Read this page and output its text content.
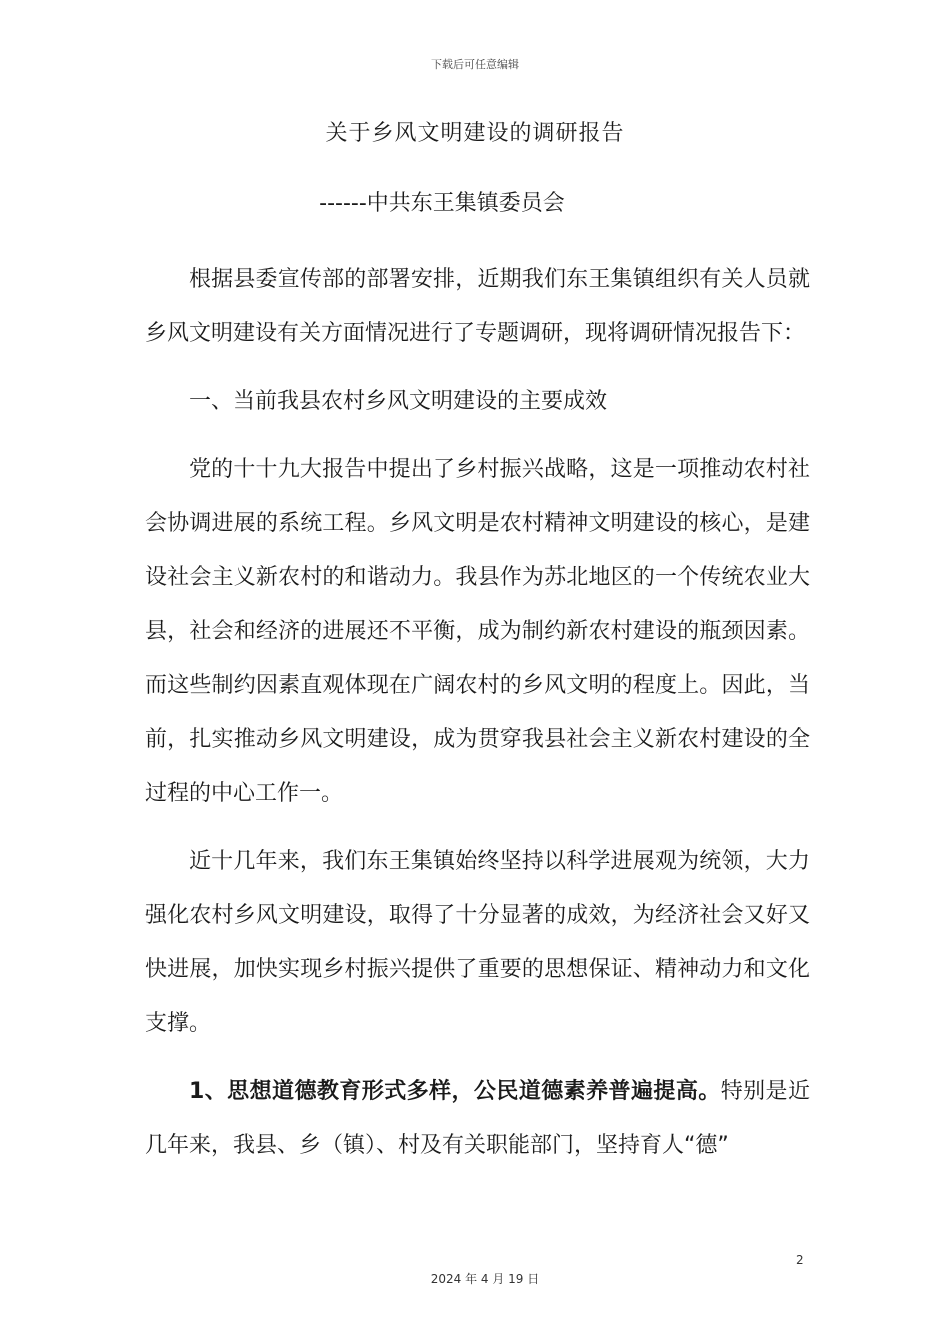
下载后可任意编辑
关于乡风文明建设的调研报告
------中共东王集镇委员会

根据县委宣传部的部署安排，近期我们东王集镇组织有关人员就乡风文明建设有关方面情况进行了专题调研，现将调研情况报告下：

一、当前我县农村乡风文明建设的主要成效

党的十十九大报告中提出了乡村振兴战略，这是一项推动农村社会协调进展的系统工程。乡风文明是农村精神文明建设的核心，是建设社会主义新农村的和谐动力。我县作为苏北地区的一个传统农业大县，社会和经济的进展还不平衡，成为制约新农村建设的瓶颈因素。而这些制约因素直观体现在广阔农村的乡风文明的程度上。因此，当前，扎实推动乡风文明建设，成为贯穿我县社会主义新农村建设的全过程的中心工作一。

近十几年来，我们东王集镇始终坚持以科学进展观为统领，大力强化农村乡风文明建设，取得了十分显著的成效，为经济社会又好又快进展，加快实现乡村振兴提供了重要的思想保证、精神动力和文化支撑。

1、思想道德教育形式多样，公民道德素养普遍提高。特别是近几年来，我县、乡（镇）、村及有关职能部门，坚持育人“德”

2
2024 年 4 月 19 日
